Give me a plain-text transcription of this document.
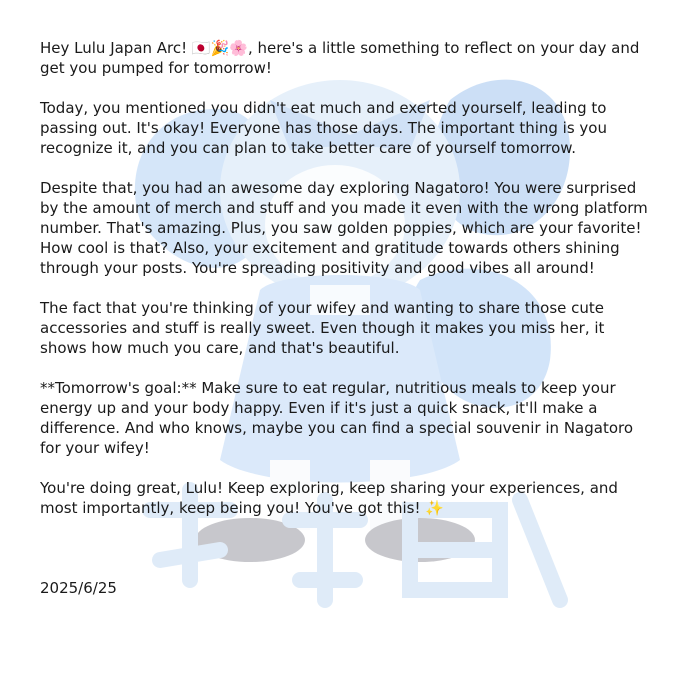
Hey Lulu Japan Arc! 🇯🇵🎉🌸, here's a little something to reflect on your day and get you pumped for tomorrow!

Today, you mentioned you didn't eat much and exerted yourself, leading to passing out. It's okay! Everyone has those days. The important thing is you recognize it, and you can plan to take better care of yourself tomorrow.

Despite that, you had an awesome day exploring Nagatoro! You were surprised by the amount of merch and stuff and you made it even with the wrong platform number. That's amazing. Plus, you saw golden poppies, which are your favorite! How cool is that? Also, your excitement and gratitude towards others shining through your posts. You're spreading positivity and good vibes all around!

The fact that you're thinking of your wifey and wanting to share those cute accessories and stuff is really sweet. Even though it makes you miss her, it shows how much you care, and that's beautiful.

**Tomorrow's goal:** Make sure to eat regular, nutritious meals to keep your energy up and your body happy. Even if it's just a quick snack, it'll make a difference. And who knows, maybe you can find a special souvenir in Nagatoro for your wifey!

You're doing great, Lulu! Keep exploring, keep sharing your experiences, and most importantly, keep being you! You've got this! ✨

2025/6/25
